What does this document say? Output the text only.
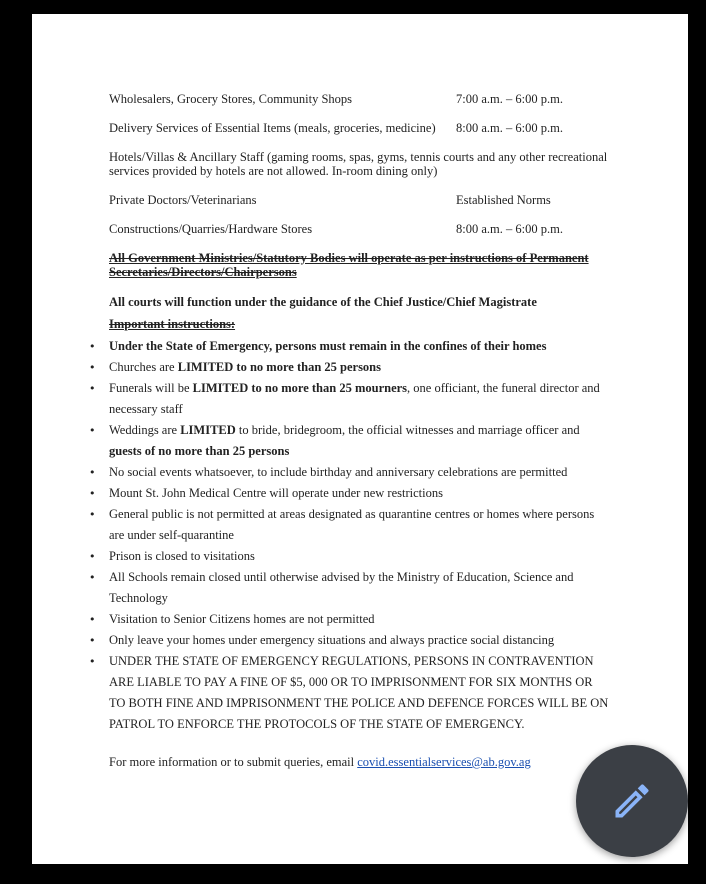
Wholesalers, Grocery Stores, Community Shops	7:00 a.m. – 6:00 p.m.
Delivery Services of Essential Items (meals, groceries, medicine) 8:00 a.m. – 6:00 p.m.
Hotels/Villas & Ancillary Staff (gaming rooms, spas, gyms, tennis courts and any other recreational services provided by hotels are not allowed. In-room dining only)
Private Doctors/Veterinarians	Established Norms
Constructions/Quarries/Hardware Stores	8:00 a.m. – 6:00 p.m.
All Government Ministries/Statutory Bodies will operate as per instructions of Permanent Secretaries/Directors/Chairpersons
All courts will function under the guidance of the Chief Justice/Chief Magistrate
Important instructions:
• Under the State of Emergency, persons must remain in the confines of their homes
• Churches are LIMITED to no more than 25 persons
• Funerals will be LIMITED to no more than 25 mourners, one officiant, the funeral director and necessary staff
• Weddings are LIMITED to bride, bridegroom, the official witnesses and marriage officer and guests of no more than 25 persons
• No social events whatsoever, to include birthday and anniversary celebrations are permitted
• Mount St. John Medical Centre will operate under new restrictions
• General public is not permitted at areas designated as quarantine centres or homes where persons are under self-quarantine
• Prison is closed to visitations
• All Schools remain closed until otherwise advised by the Ministry of Education, Science and Technology
• Visitation to Senior Citizens homes are not permitted
• Only leave your homes under emergency situations and always practice social distancing
• UNDER THE STATE OF EMERGENCY REGULATIONS, PERSONS IN CONTRAVENTION ARE LIABLE TO PAY A FINE OF $5, 000 OR TO IMPRISONMENT FOR SIX MONTHS OR TO BOTH FINE AND IMPRISONMENT THE POLICE AND DEFENCE FORCES WILL BE ON PATROL TO ENFORCE THE PROTOCOLS OF THE STATE OF EMERGENCY.
For more information or to submit queries, email covid.essentialservices@ab.gov.ag
